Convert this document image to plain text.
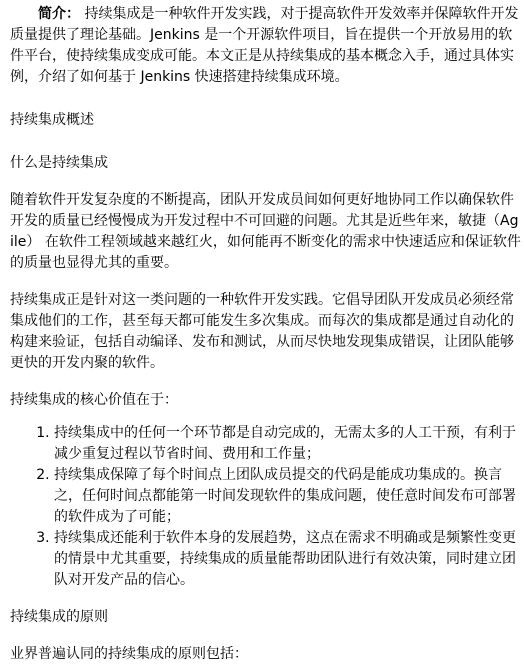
简介： 持续集成是一种软件开发实践，对于提高软件开发效率并保障软件开发质量提供了理论基础。Jenkins 是一个开源软件项目，旨在提供一个开放易用的软件平台，使持续集成变成可能。本文正是从持续集成的基本概念入手，通过具体实例，介绍了如何基于 Jenkins 快速搭建持续集成环境。

持续集成概述

什么是持续集成

随着软件开发复杂度的不断提高，团队开发成员间如何更好地协同工作以确保软件开发的质量已经慢慢成为开发过程中不可回避的问题。尤其是近些年来，敏捷（Agile） 在软件工程领域越来越红火，如何能再不断变化的需求中快速适应和保证软件的质量也显得尤其的重要。

持续集成正是针对这一类问题的一种软件开发实践。它倡导团队开发成员必须经常集成他们的工作，甚至每天都可能发生多次集成。而每次的集成都是通过自动化的构建来验证，包括自动编译、发布和测试，从而尽快地发现集成错误，让团队能够更快的开发内聚的软件。

持续集成的核心价值在于：

1. 持续集成中的任何一个环节都是自动完成的，无需太多的人工干预，有利于减少重复过程以节省时间、费用和工作量；
2. 持续集成保障了每个时间点上团队成员提交的代码是能成功集成的。换言之，任何时间点都能第一时间发现软件的集成问题，使任意时间发布可部署的软件成为了可能；
3. 持续集成还能利于软件本身的发展趋势，这点在需求不明确或是频繁性变更的情景中尤其重要，持续集成的质量能帮助团队进行有效决策，同时建立团队对开发产品的信心。

持续集成的原则

业界普遍认同的持续集成的原则包括：
